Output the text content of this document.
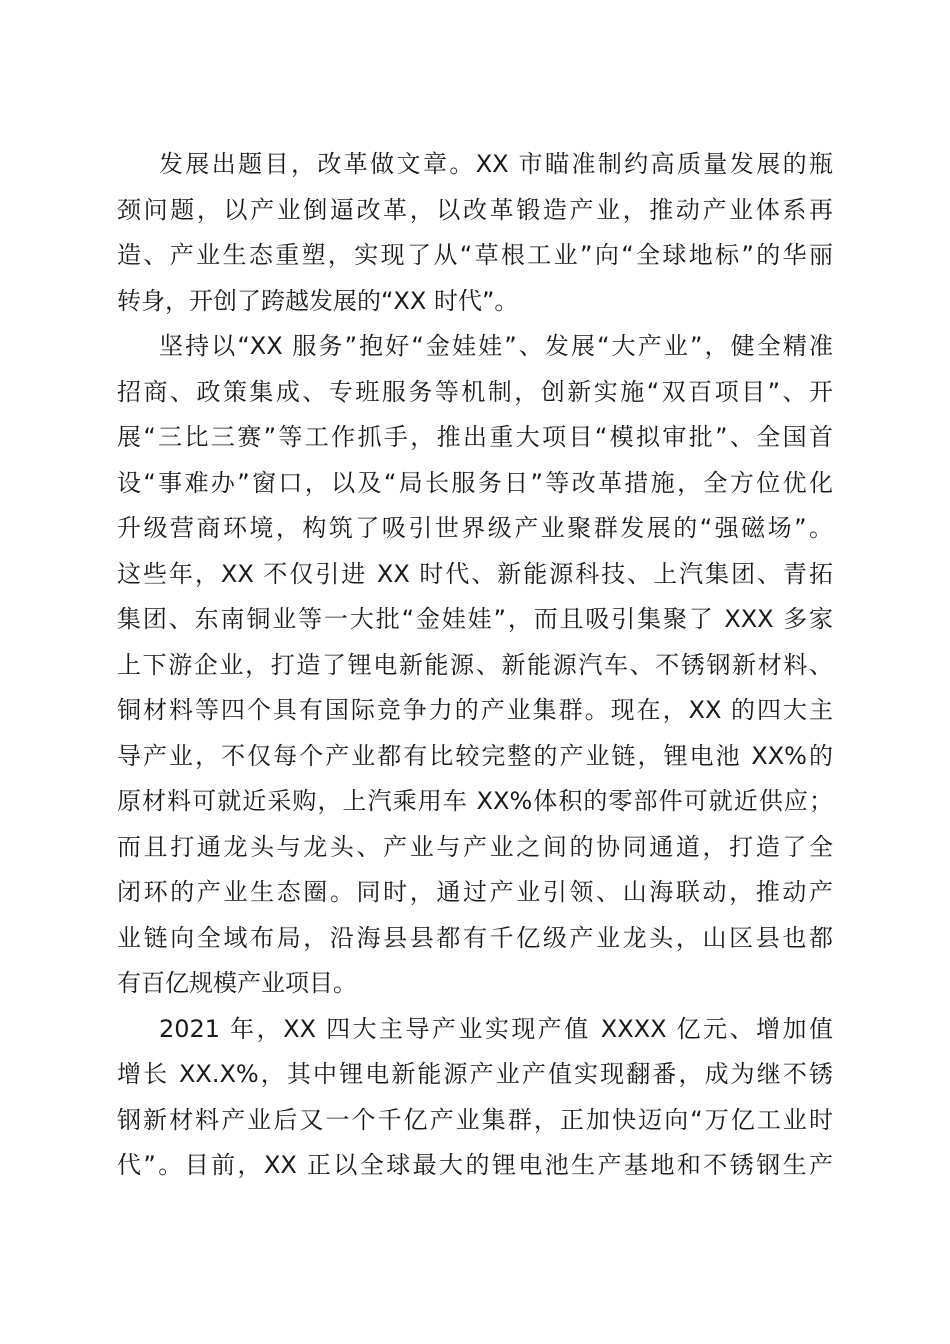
发展出题目，改革做文章。XX 市瞄准制约高质量发展的瓶
颈问题，以产业倒逼改革，以改革锻造产业，推动产业体系再
造、产业生态重塑，实现了从“草根工业”向“全球地标”的华丽
转身，开创了跨越发展的“XX 时代”。
坚持以“XX 服务”抱好“金娃娃”、发展“大产业”，健全精准
招商、政策集成、专班服务等机制，创新实施“双百项目”、开
展“三比三赛”等工作抓手，推出重大项目“模拟审批”、全国首
设“事难办”窗口，以及“局长服务日”等改革措施，全方位优化
升级营商环境，构筑了吸引世界级产业聚群发展的“强磁场”。
这些年，XX 不仅引进 XX 时代、新能源科技、上汽集团、青拓
集团、东南铜业等一大批“金娃娃”，而且吸引集聚了 XXX 多家
上下游企业，打造了锂电新能源、新能源汽车、不锈钢新材料、
铜材料等四个具有国际竞争力的产业集群。现在，XX 的四大主
导产业，不仅每个产业都有比较完整的产业链，锂电池 XX%的
原材料可就近采购，上汽乘用车 XX%体积的零部件可就近供应；
而且打通龙头与龙头、产业与产业之间的协同通道，打造了全
闭环的产业生态圈。同时，通过产业引领、山海联动，推动产
业链向全域布局，沿海县县都有千亿级产业龙头，山区县也都
有百亿规模产业项目。
2021 年，XX 四大主导产业实现产值 XXXX 亿元、增加值
增长 XX.X%，其中锂电新能源产业产值实现翻番，成为继不锈
钢新材料产业后又一个千亿产业集群，正加快迈向“万亿工业时
代”。目前，XX 正以全球最大的锂电池生产基地和不锈钢生产
